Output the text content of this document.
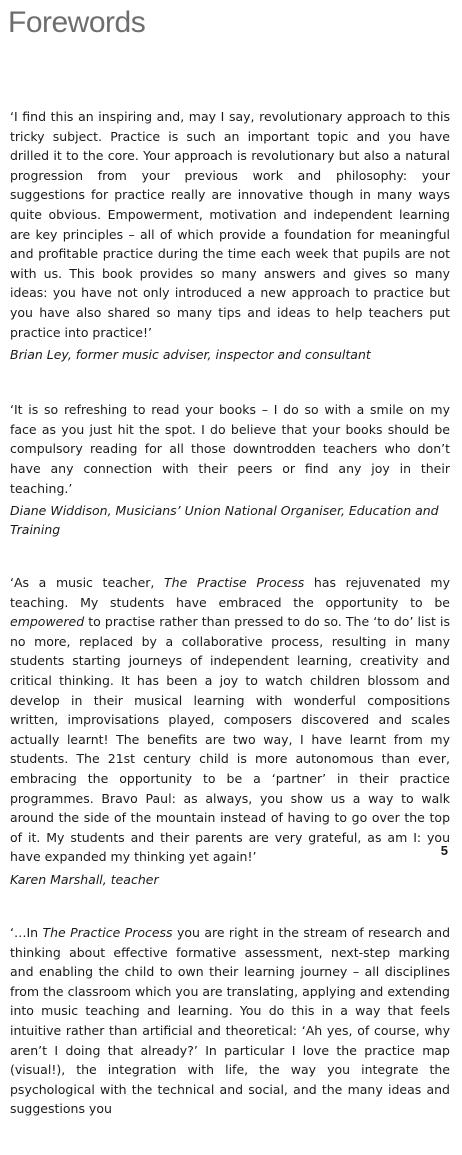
Forewords

‘I find this an inspiring and, may I say, revolutionary approach to this tricky subject. Practice is such an important topic and you have drilled it to the core. Your approach is revolutionary but also a natural progression from your previous work and philosophy: your suggestions for practice really are innovative though in many ways quite obvious. Empowerment, motivation and independent learning are key principles – all of which provide a foundation for meaningful and profitable practice during the time each week that pupils are not with us. This book provides so many answers and gives so many ideas: you have not only introduced a new approach to practice but you have also shared so many tips and ideas to help teachers put practice into practice!’

Brian Ley, former music adviser, inspector and consultant

‘It is so refreshing to read your books – I do so with a smile on my face as you just hit the spot. I do believe that your books should be compulsory reading for all those downtrodden teachers who don’t have any connection with their peers or find any joy in their teaching.’

Diane Widdison, Musicians’ Union National Organiser, Education and Training

‘As a music teacher, The Practise Process has rejuvenated my teaching. My students have embraced the opportunity to be empowered to practise rather than pressed to do so. The ‘to do’ list is no more, replaced by a collaborative process, resulting in many students starting journeys of independent learning, creativity and critical thinking. It has been a joy to watch children blossom and develop in their musical learning with wonderful compositions written, improvisations played, composers discovered and scales actually learnt! The benefits are two way, I have learnt from my students. The 21st century child is more autonomous than ever, embracing the opportunity to be a ‘partner’ in their practice programmes. Bravo Paul: as always, you show us a way to walk around the side of the mountain instead of having to go over the top of it. My students and their parents are very grateful, as am I: you have expanded my thinking yet again!’

Karen Marshall, teacher

‘…In The Practice Process you are right in the stream of research and thinking about effective formative assessment, next-step marking and enabling the child to own their learning journey – all disciplines from the classroom which you are translating, applying and extending into music teaching and learning. You do this in a way that feels intuitive rather than artificial and theoretical: ‘Ah yes, of course, why aren’t I doing that already?’ In particular I love the practice map (visual!), the integration with life, the way you integrate the psychological with the technical and social, and the many ideas and suggestions you

5
